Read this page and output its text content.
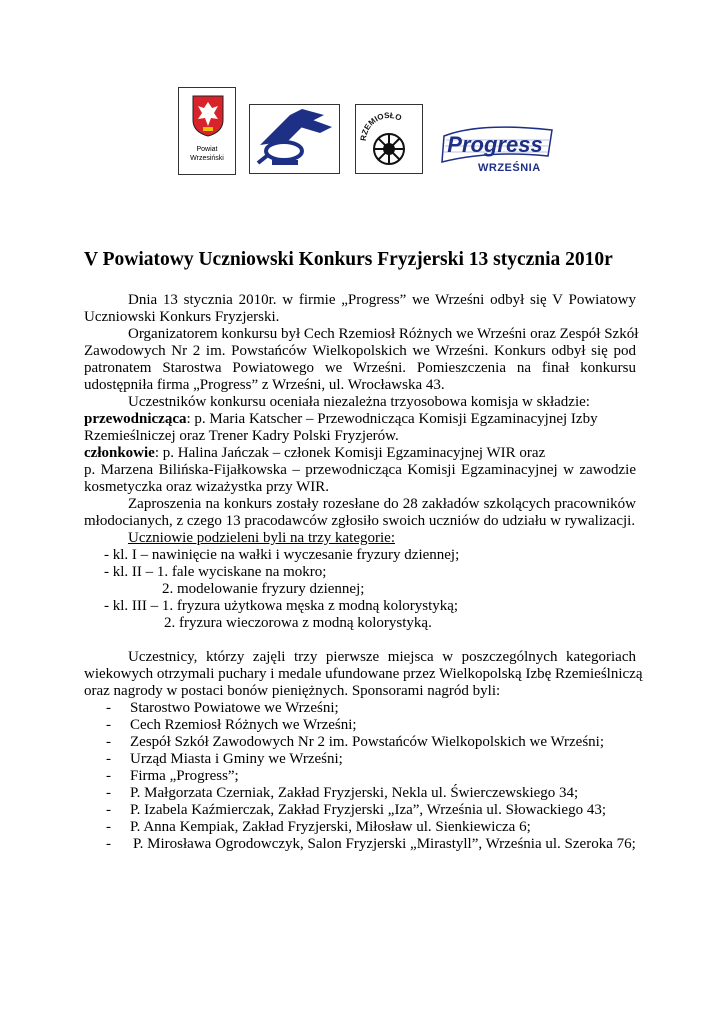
Powiat
Wrzesiński
RZEMIOSŁO
Progress
WRZEŚNIA
V Powiatowy Uczniowski Konkurs Fryzjerski 13 stycznia 2010r
Dnia 13 stycznia 2010r. w firmie „Progress” we Wrześni odbył się V Powiatowy
Uczniowski Konkurs Fryzjerski.
Organizatorem konkursu był Cech Rzemiosł Różnych we Wrześni oraz Zespół Szkół
Zawodowych Nr 2 im. Powstańców Wielkopolskich we Wrześni. Konkurs odbył się pod
patronatem Starostwa Powiatowego we Wrześni. Pomieszczenia na finał konkursu
udostępniła firma „Progress” z Wrześni, ul. Wrocławska 43.
Uczestników konkursu oceniała niezależna trzyosobowa komisja w składzie:
przewodnicząca: p. Maria Katscher – Przewodnicząca Komisji Egzaminacyjnej Izby
Rzemieślniczej oraz Trener Kadry Polski Fryzjerów.
członkowie: p. Halina Jańczak – członek Komisji Egzaminacyjnej WIR oraz
p. Marzena Bilińska-Fijałkowska – przewodnicząca Komisji Egzaminacyjnej w zawodzie
kosmetyczka oraz wizażystka przy WIR.
Zaproszenia na konkurs zostały rozesłane do 28 zakładów szkolących pracowników
młodocianych, z czego 13 pracodawców zgłosiło swoich uczniów do udziału w rywalizacji.
Uczniowie podzieleni byli na trzy kategorie:
- kl. I – nawinięcie na wałki i wyczesanie fryzury dziennej;
- kl. II – 1. fale wyciskane na mokro;
2. modelowanie fryzury dziennej;
- kl. III – 1. fryzura użytkowa męska z modną kolorystyką;
2. fryzura wieczorowa z modną kolorystyką.
Uczestnicy, którzy zajęli trzy pierwsze miejsca w poszczególnych kategoriach
wiekowych otrzymali puchary i medale ufundowane przez Wielkopolską Izbę Rzemieślniczą
oraz nagrody w postaci bonów pieniężnych. Sponsorami nagród byli:
- Starostwo Powiatowe we Wrześni;
- Cech Rzemiosł Różnych we Wrześni;
- Zespół Szkół Zawodowych Nr 2 im. Powstańców Wielkopolskich we Wrześni;
- Urząd Miasta i Gminy we Wrześni;
- Firma „Progress”;
- P. Małgorzata Czerniak, Zakład Fryzjerski, Nekla ul. Świerczewskiego 34;
- P. Izabela Kaźmierczak, Zakład Fryzjerski „Iza”, Września ul. Słowackiego 43;
- P. Anna Kempiak, Zakład Fryzjerski, Miłosław ul. Sienkiewicza 6;
- P. Mirosława Ogrodowczyk, Salon Fryzjerski „Mirastyll”, Września ul. Szeroka 76;
